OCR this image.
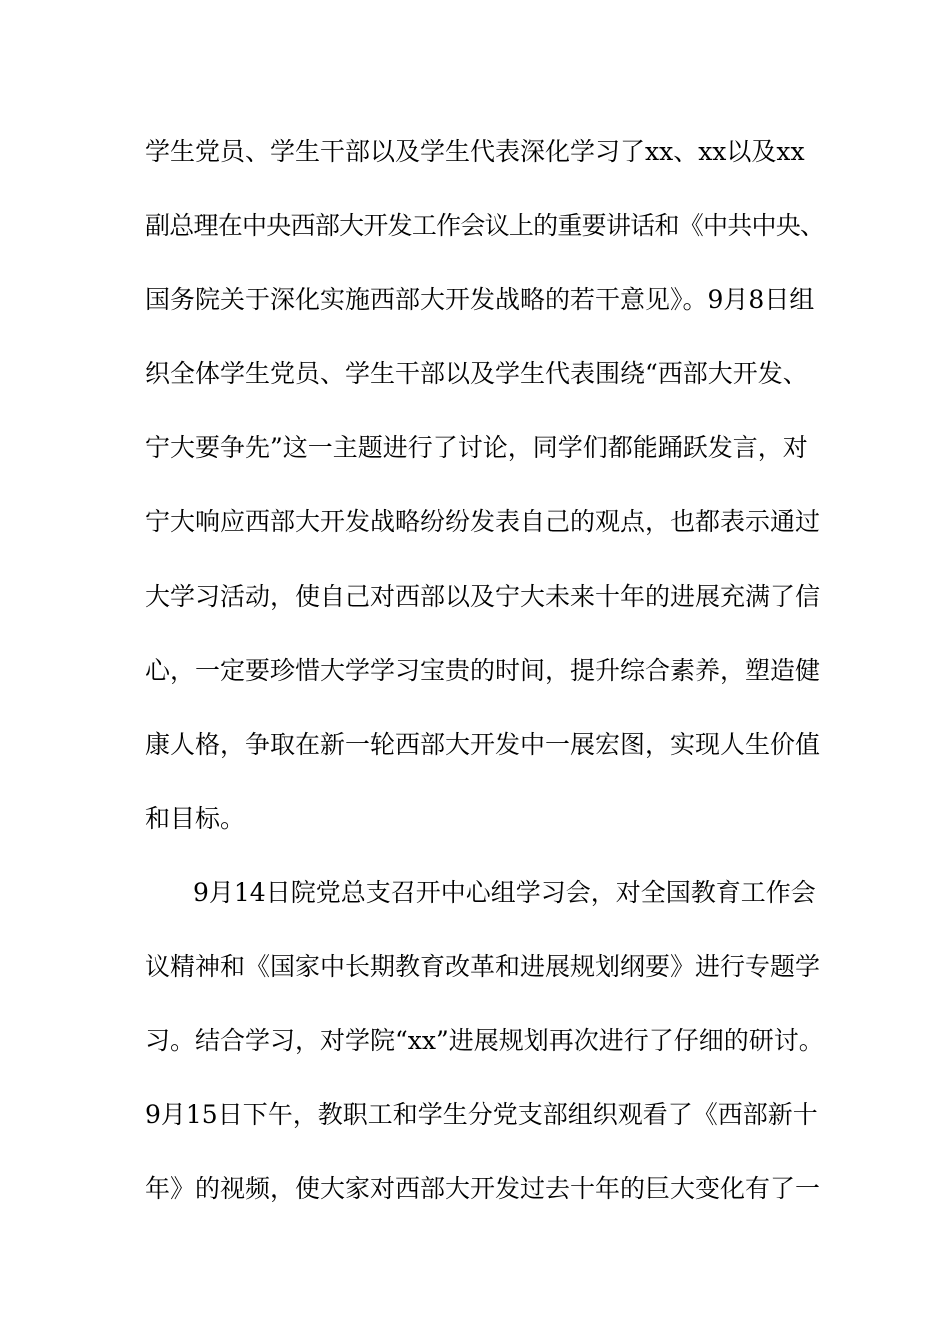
学生党员、学生干部以及学生代表深化学习了xx、xx以及xx
副总理在中央西部大开发工作会议上的重要讲话和《中共中央、
国务院关于深化实施西部大开发战略的若干意见》。9月8日组
织全体学生党员、学生干部以及学生代表围绕“西部大开发、
宁大要争先”这一主题进行了讨论，同学们都能踊跃发言，对
宁大响应西部大开发战略纷纷发表自己的观点，也都表示通过
大学习活动，使自己对西部以及宁大未来十年的进展充满了信
心，一定要珍惜大学学习宝贵的时间，提升综合素养，塑造健
康人格，争取在新一轮西部大开发中一展宏图，实现人生价值
和目标。
9月14日院党总支召开中心组学习会，对全国教育工作会
议精神和《国家中长期教育改革和进展规划纲要》进行专题学
习。结合学习，对学院“xx”进展规划再次进行了仔细的研讨。
9月15日下午，教职工和学生分党支部组织观看了《西部新十
年》的视频，使大家对西部大开发过去十年的巨大变化有了一
